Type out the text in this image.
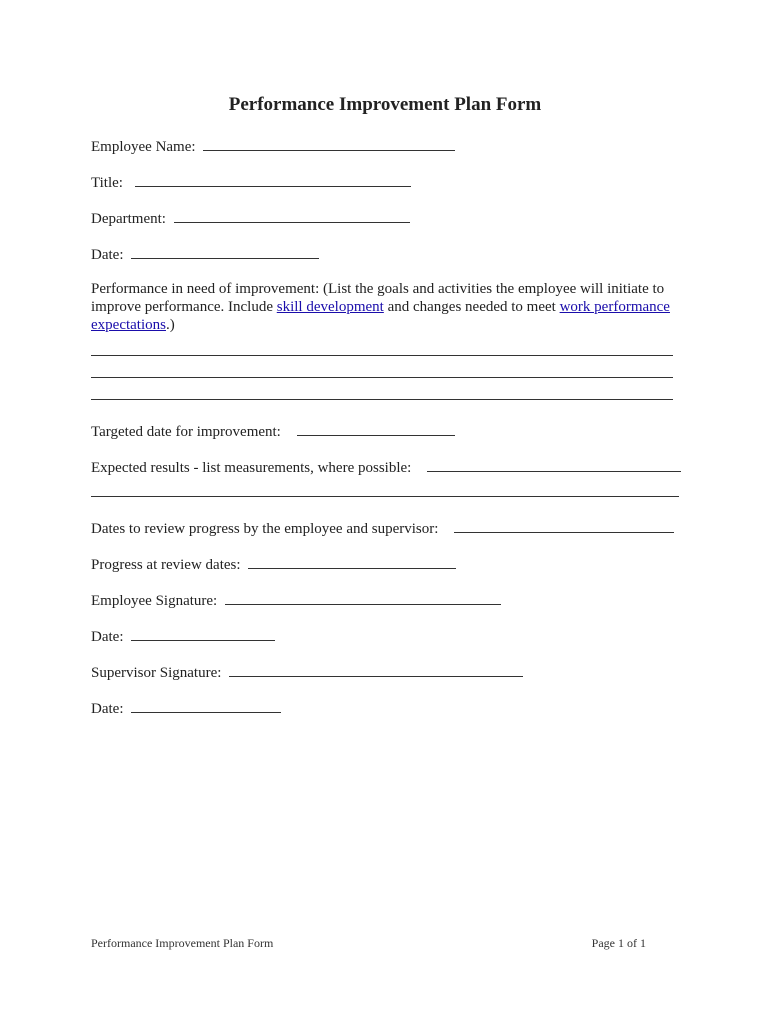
Performance Improvement Plan Form
Employee Name:
Title:
Department:
Date:
Performance in need of improvement: (List the goals and activities the employee will initiate to improve performance. Include skill development and changes needed to meet work performance expectations.)
Targeted date for improvement:
Expected results - list measurements, where possible:
Dates to review progress by the employee and supervisor:
Progress at review dates:
Employee Signature:
Date:
Supervisor Signature:
Date:
Performance Improvement Plan Form	Page 1 of 1
